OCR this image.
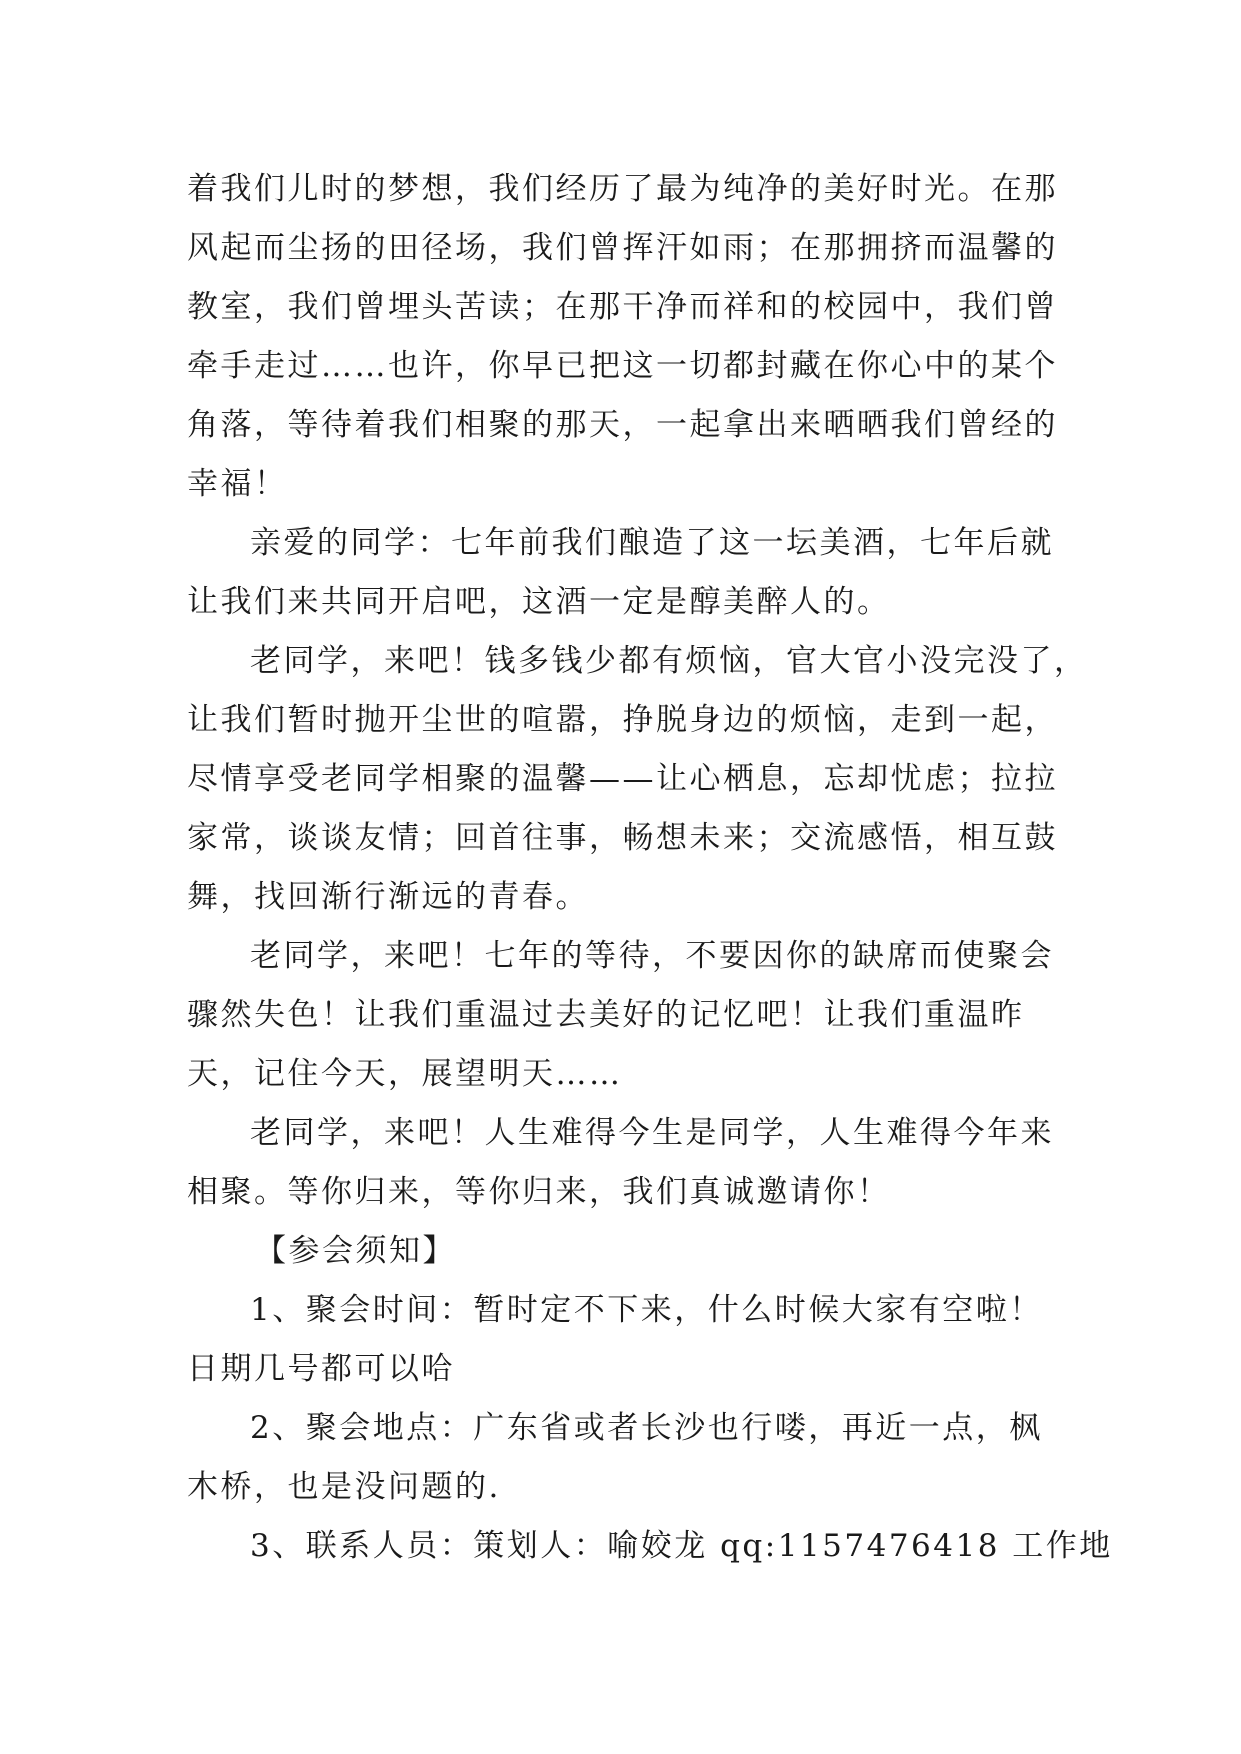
着我们儿时的梦想，我们经历了最为纯净的美好时光。在那
风起而尘扬的田径场，我们曾挥汗如雨；在那拥挤而温馨的
教室，我们曾埋头苦读；在那干净而祥和的校园中，我们曾
牵手走过……也许，你早已把这一切都封藏在你心中的某个
角落，等待着我们相聚的那天，一起拿出来晒晒我们曾经的
幸福！
亲爱的同学：七年前我们酿造了这一坛美酒，七年后就
让我们来共同开启吧，这酒一定是醇美醉人的。
老同学，来吧！钱多钱少都有烦恼，官大官小没完没了，
让我们暂时抛开尘世的喧嚣，挣脱身边的烦恼，走到一起，
尽情享受老同学相聚的温馨——让心栖息，忘却忧虑；拉拉
家常，谈谈友情；回首往事，畅想未来；交流感悟，相互鼓
舞，找回渐行渐远的青春。
老同学，来吧！七年的等待，不要因你的缺席而使聚会
骤然失色！让我们重温过去美好的记忆吧！让我们重温昨
天，记住今天，展望明天……
老同学，来吧！人生难得今生是同学，人生难得今年来
相聚。等你归来，等你归来，我们真诚邀请你！
【参会须知】
1、聚会时间：暂时定不下来，什么时候大家有空啦！
日期几号都可以哈
2、聚会地点：广东省或者长沙也行喽，再近一点，枫
木桥，也是没问题的.
3、联系人员：策划人：喻姣龙 qq:1157476418 工作地
